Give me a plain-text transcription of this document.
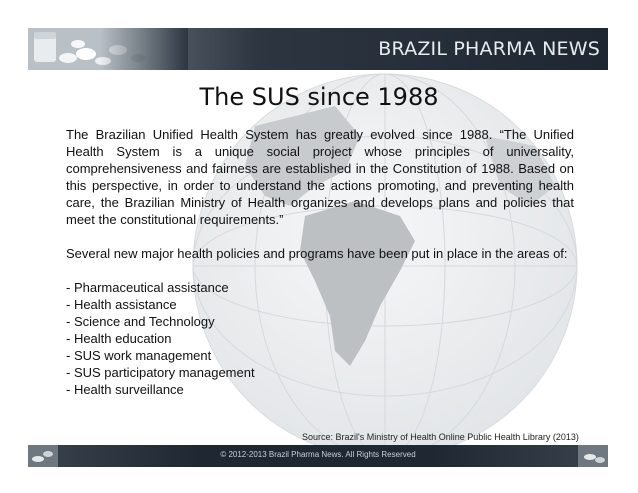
BRAZIL PHARMA NEWS
The SUS since 1988

The Brazilian Unified Health System has greatly evolved since 1988. “The Unified Health System is a unique social project whose principles of universality, comprehensiveness and fairness are established in the Constitution of 1988. Based on this perspective, in order to understand the actions promoting, and preventing health care, the Brazilian Ministry of Health organizes and develops plans and policies that meet the constitutional requirements.”

Several new major health policies and programs have been put in place in the areas of:

- Pharmaceutical assistance
- Health assistance
- Science and Technology
- Health education
- SUS work management
- SUS participatory management
- Health surveillance
Source: Brazil's Ministry of Health Online Public Health Library (2013)
© 2012-2013 Brazil Pharma News. All Rights Reserved
